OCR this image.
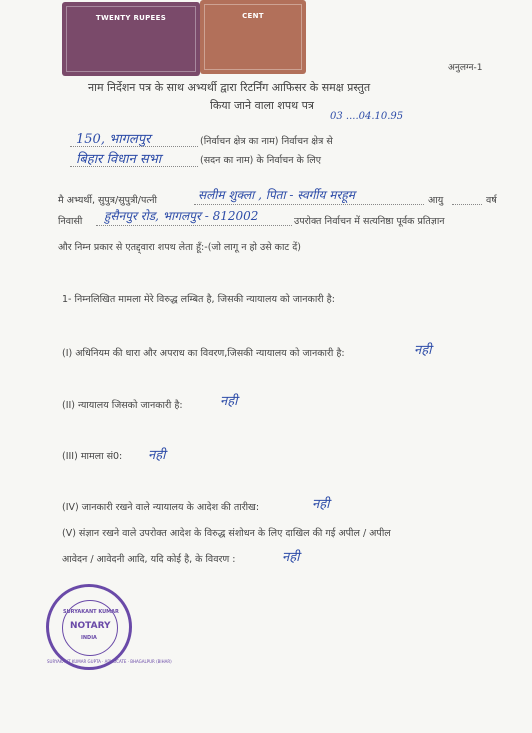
TWENTY RUPEES	CENT
अनुलग्न-1
नाम निर्देशन पत्र के साथ अभ्यर्थी द्वारा रिटर्निंग आफिसर के समक्ष प्रस्तुत
किया जाने वाला शपथ पत्र
03 ....04.10.95
150, भागलपुर	(निर्वाचन क्षेत्र का नाम) निर्वाचन क्षेत्र से
बिहार विधान सभा	(सदन का नाम) के निर्वाचन के लिए
मै अभ्यर्थी, सुपुत्र/सुपुत्री/पत्नी	सलीम शुक्ला , पिता - स्वर्गीय मरहूम	आयु	वर्ष
निवासी हुसैनपुर रोड, भागलपुर - 812002	उपरोक्त निर्वाचन में सत्यनिष्ठा पूर्वक प्रतिज्ञान
और निम्न प्रकार से एतद्द्वारा शपथ लेता हूँ:-(जो लागू न हो उसे काट दें)
1- निम्नलिखित मामला मेरे विरुद्ध लम्बित है, जिसकी न्यायालय को जानकारी है:
(I) अधिनियम की धारा और अपराध का विवरण,जिसकी न्यायालय को जानकारी है:	नही
(II) न्यायालय जिसको जानकारी है:	नही
(III) मामला सं0: नही
(IV) जानकारी रखने वाले न्यायालय के आदेश की तारीख:	नही
(V) संज्ञान रखने वाले उपरोक्त आदेश के विरुद्ध संशोधन के लिए दाखिल की गई अपील / अपील
आवेदन / आवेदनी आदि, यदि कोई है, के विवरण :	नही
SURYAKANT KUMAR
NOTARY
INDIA
SURYAKANT KUMAR GUPTA · ADVOCATE · BHAGALPUR (BIHAR)
